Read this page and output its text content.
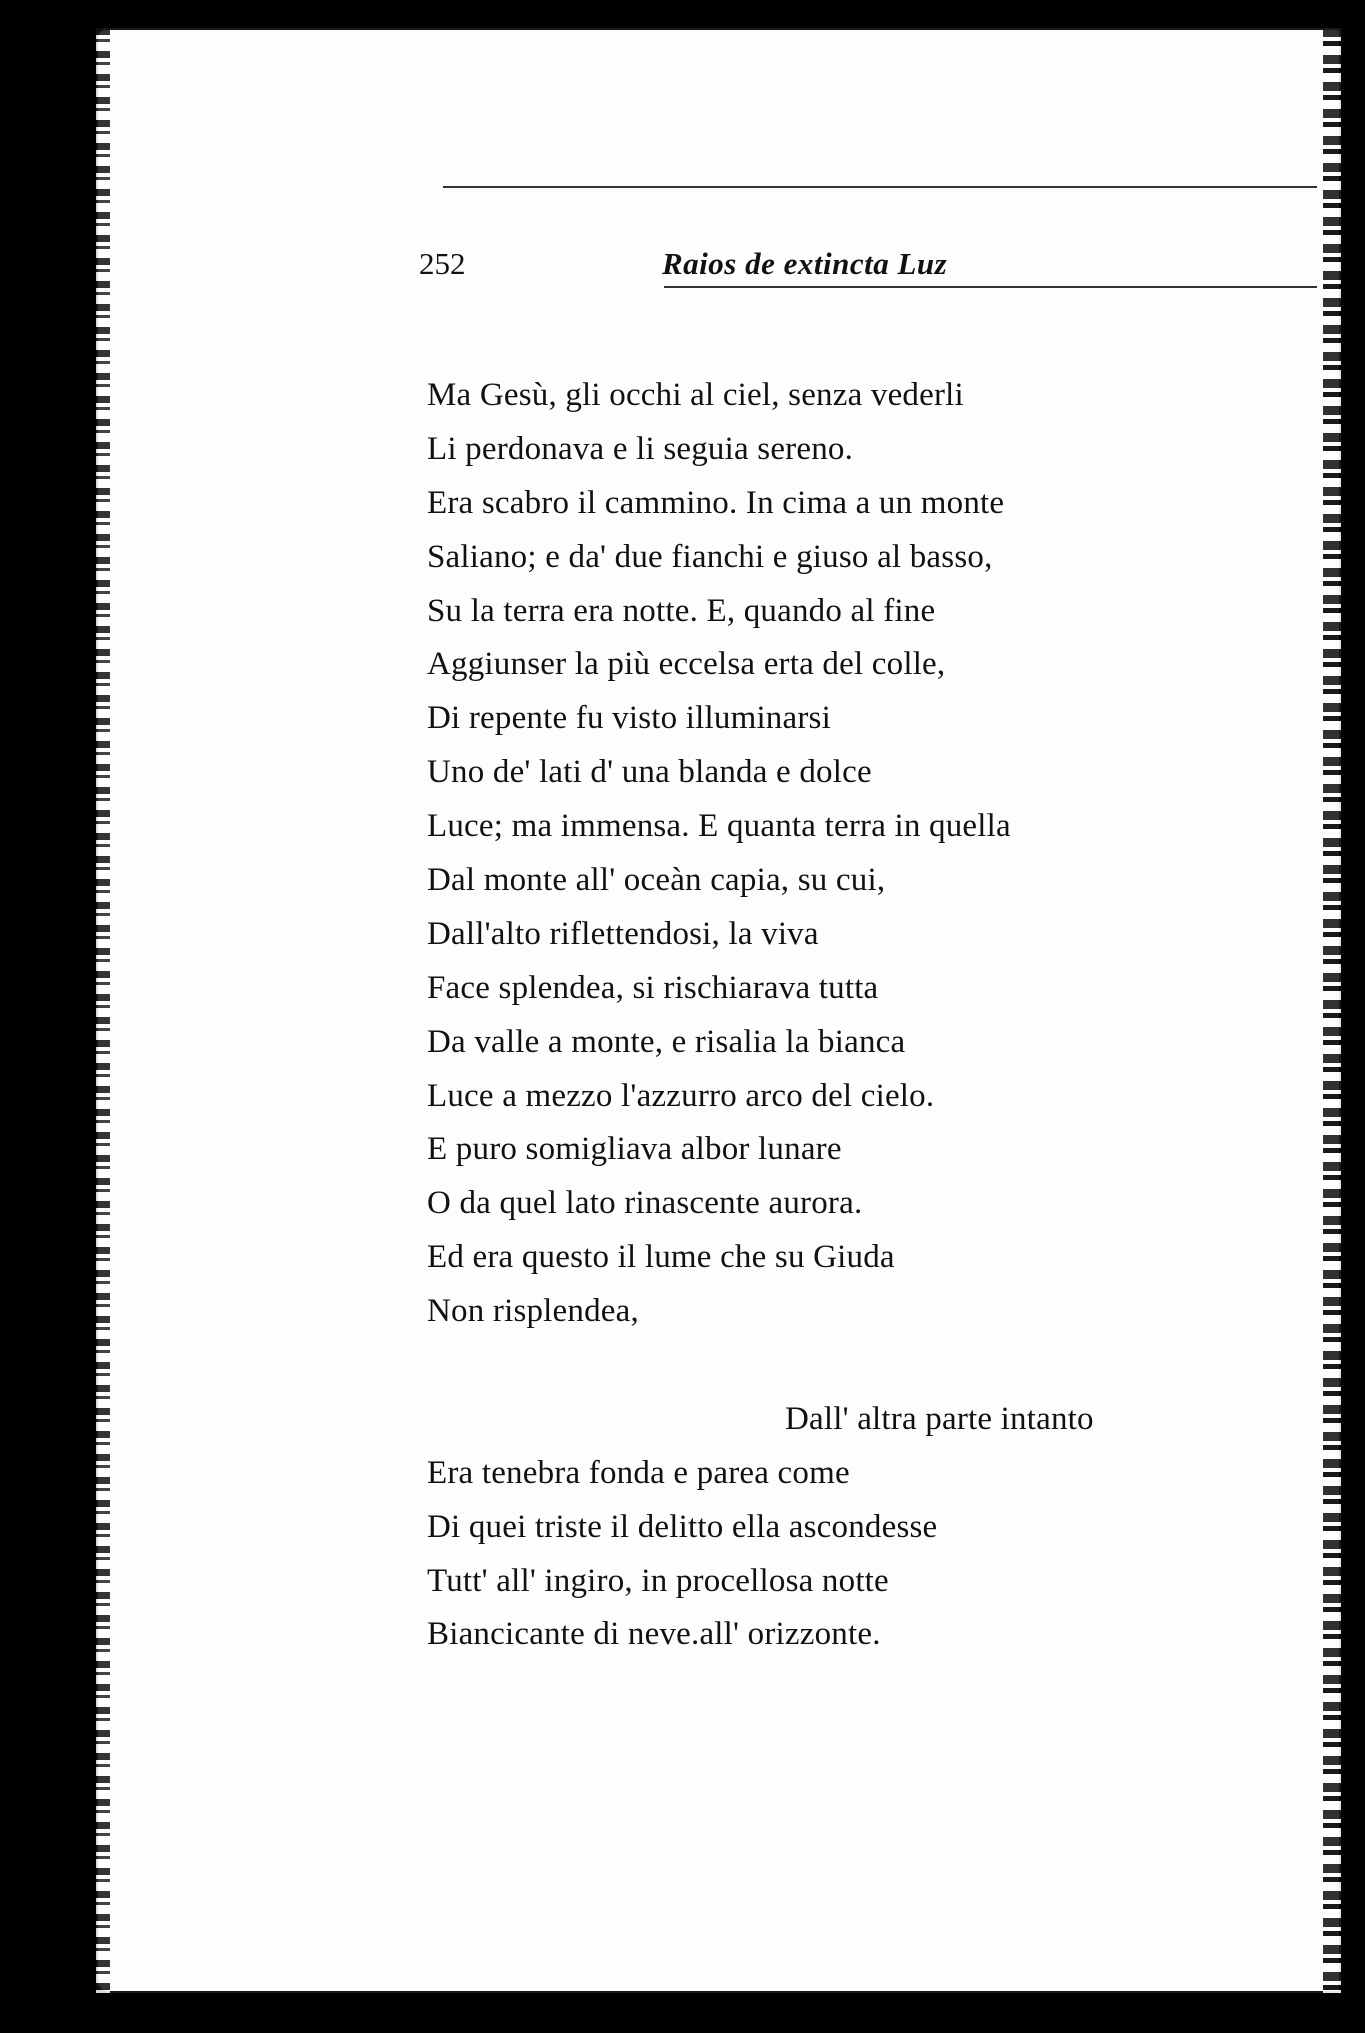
252	Raios de extincta Luz
Ma Gesù, gli occhi al ciel, senza vederli
Li perdonava e li seguia sereno.
Era scabro il cammino. In cima a un monte
Saliano; e da' due fianchi e giuso al basso,
Su la terra era notte. E, quando al fine
Aggiunser la più eccelsa erta del colle,
Di repente fu visto illuminarsi
Uno de' lati d' una blanda e dolce
Luce; ma immensa. E quanta terra in quella
Dal monte all' oceàn capia, su cui,
Dall'alto riflettendosi, la viva
Face splendea, si rischiarava tutta
Da valle a monte, e risalia la bianca
Luce a mezzo l'azzurro arco del cielo.
E puro somigliava albor lunare
O da quel lato rinascente aurora.
Ed era questo il lume che su Giuda
Non risplendea,
Dall' altra parte intanto
Era tenebra fonda e parea come
Di quei triste il delitto ella ascondesse
Tutt' all' ingiro, in procellosa notte
Biancicante di neve.all' orizzonte.
